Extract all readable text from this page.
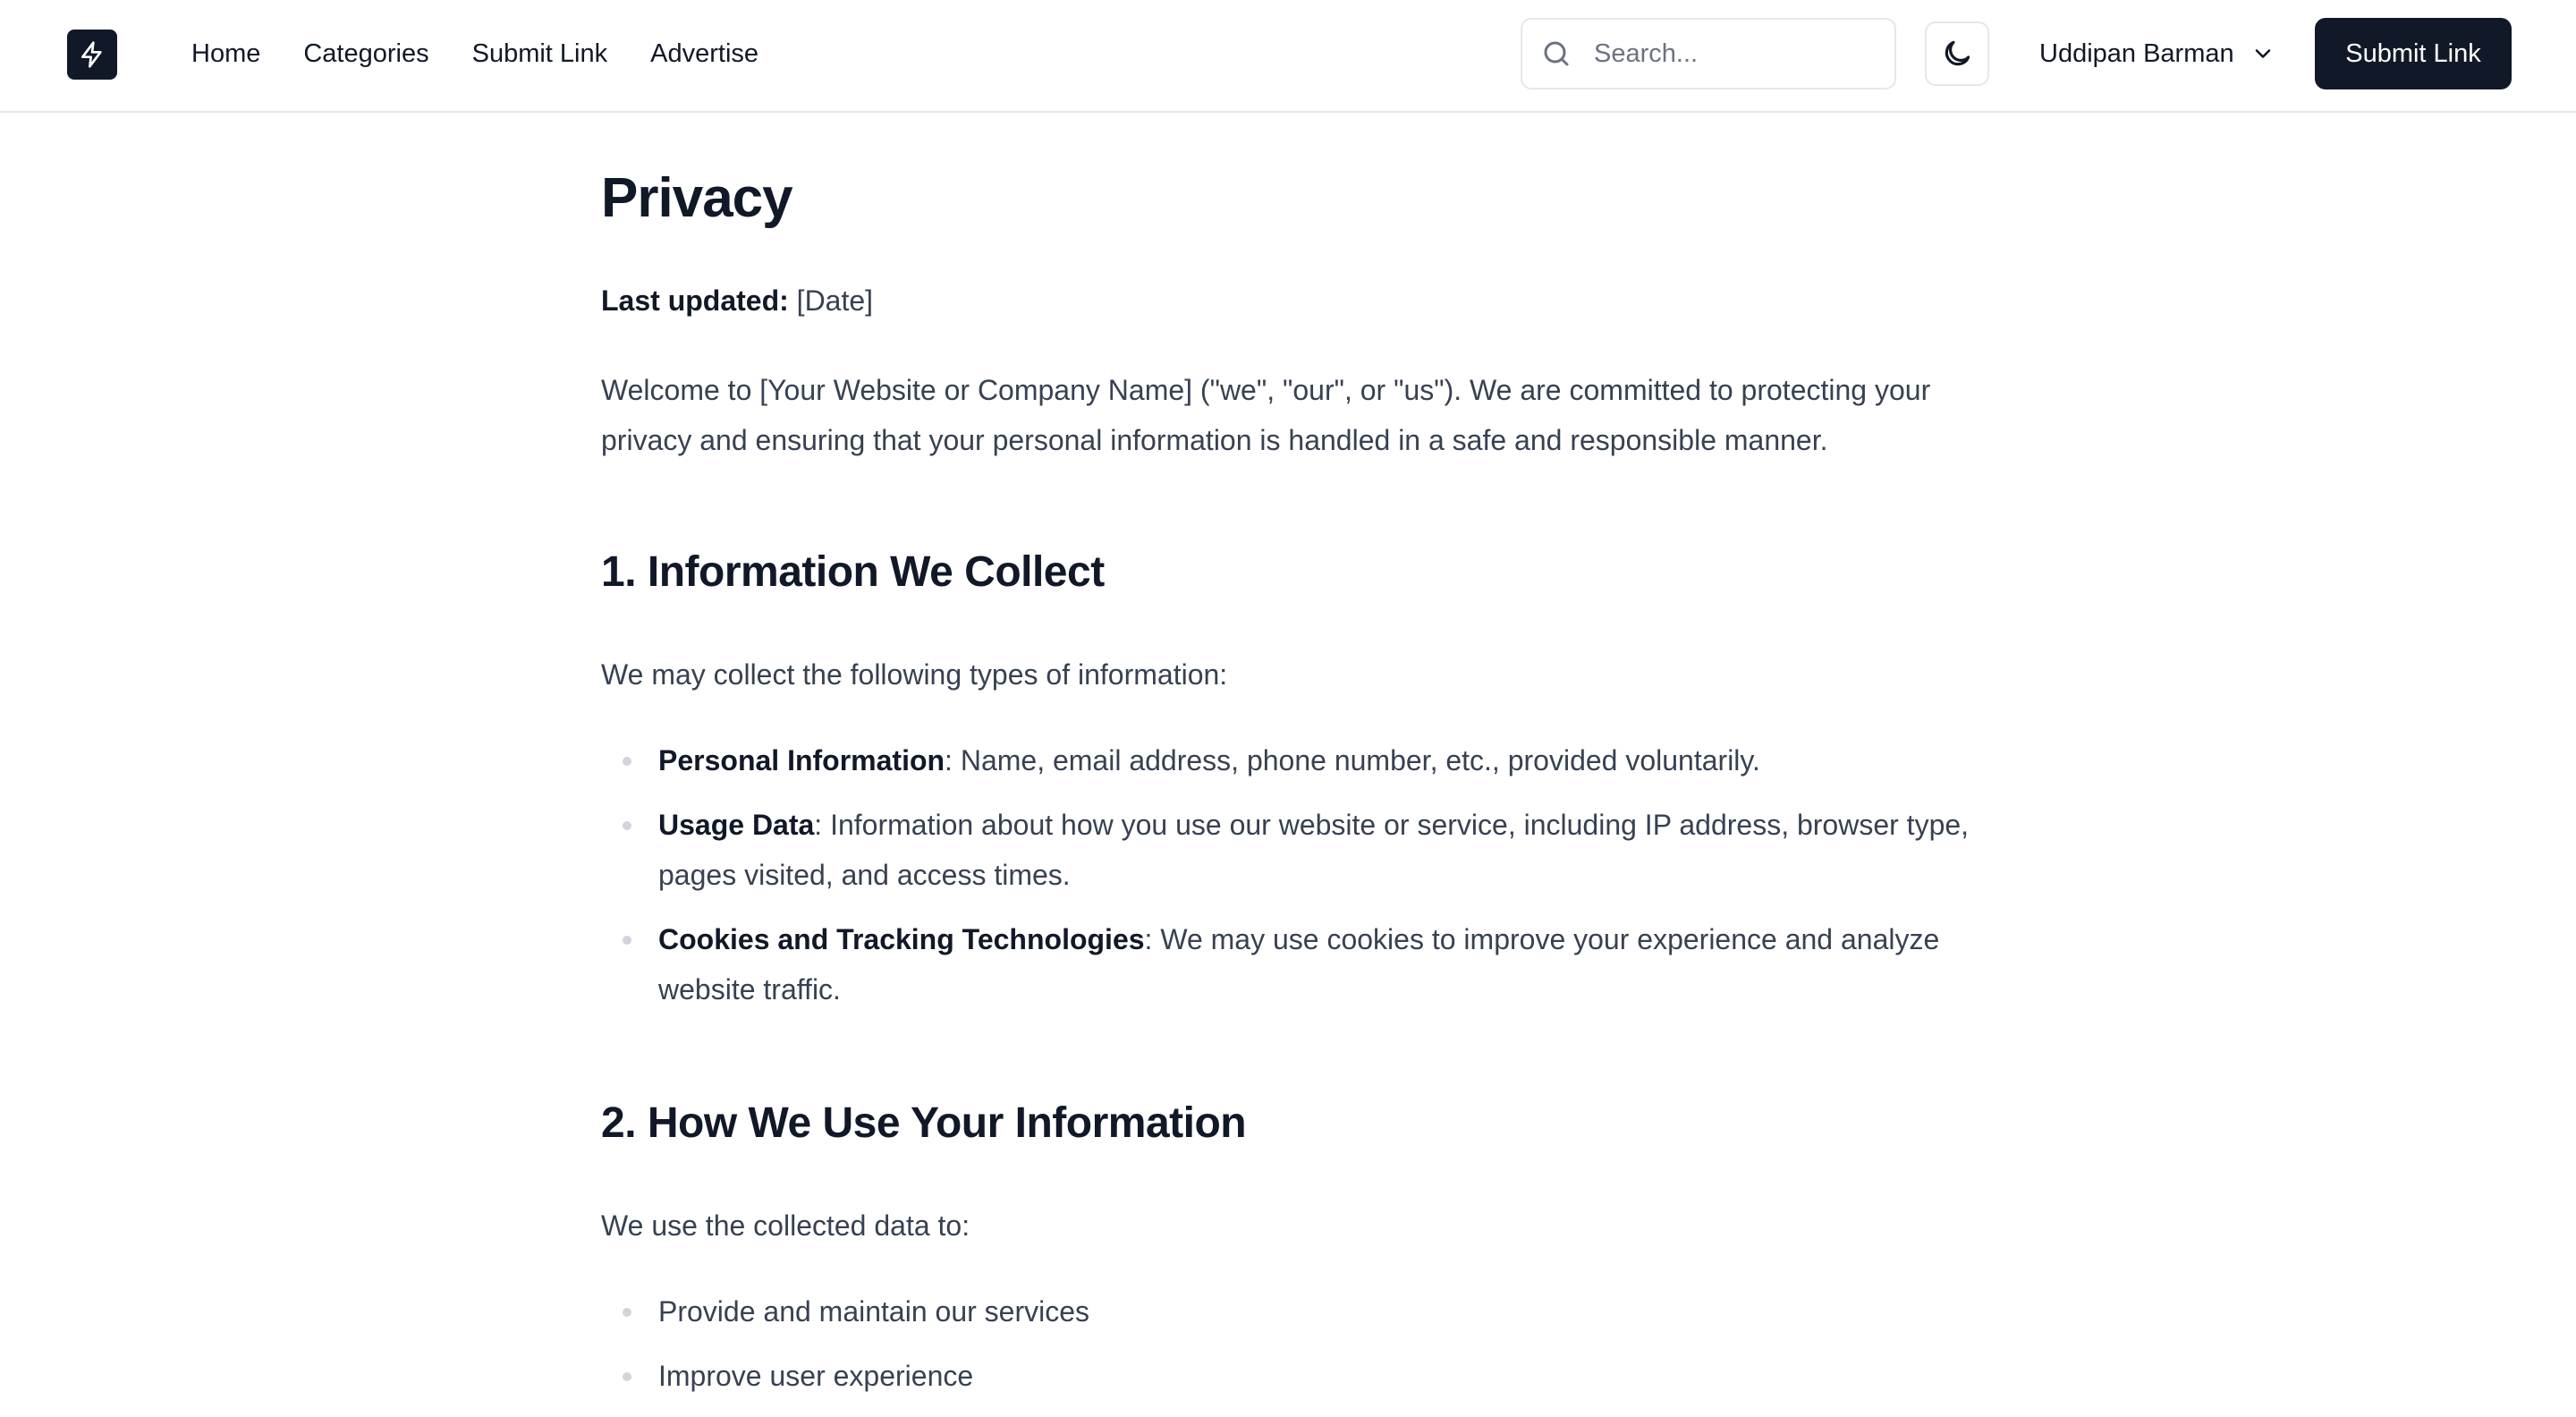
Home Categories Submit Link Advertise
Search...	Uddipan Barman	Submit Link
Privacy
Last updated: [Date]

Welcome to [Your Website or Company Name] ("we", "our", or "us"). We are committed to protecting your privacy and ensuring that your personal information is handled in a safe and responsible manner.

1. Information We Collect

We may collect the following types of information:

Personal Information: Name, email address, phone number, etc., provided voluntarily.
Usage Data: Information about how you use our website or service, including IP address, browser type, pages visited, and access times.
Cookies and Tracking Technologies: We may use cookies to improve your experience and analyze website traffic.
2. How We Use Your Information

We use the collected data to:

Provide and maintain our services
Improve user experience
